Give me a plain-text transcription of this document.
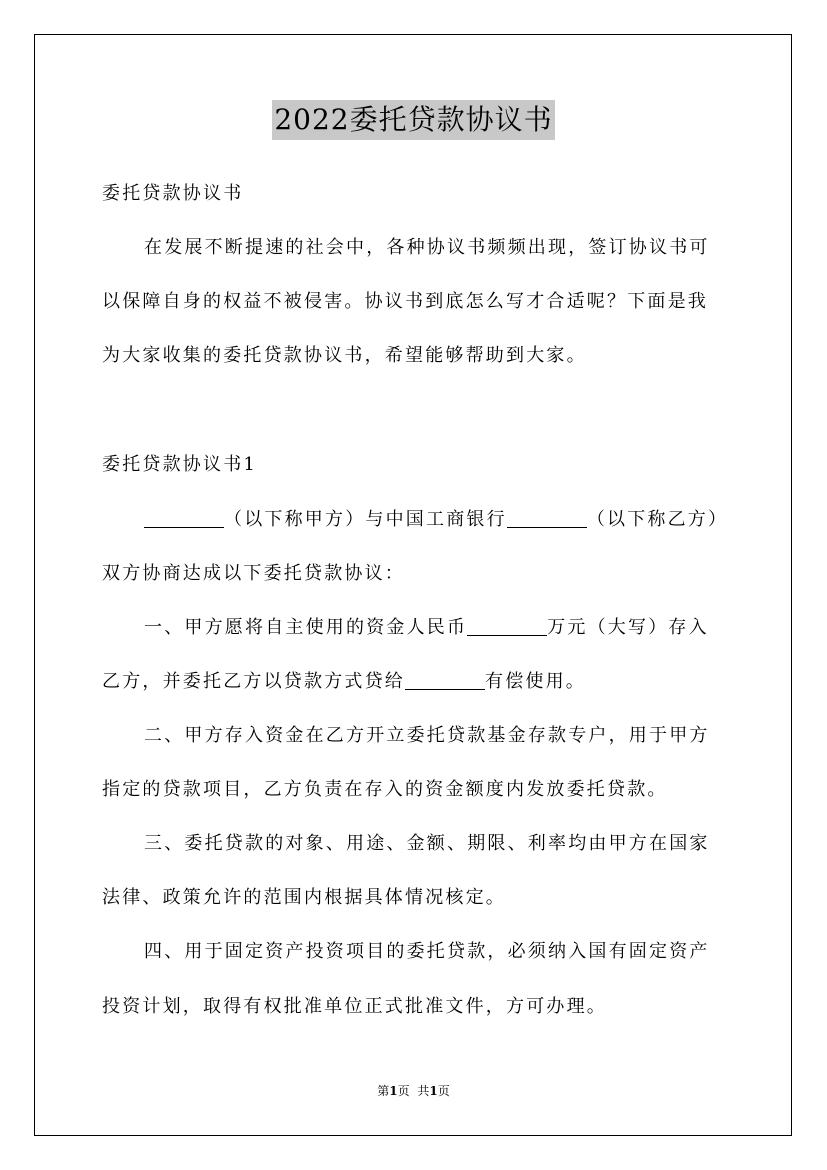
2022委托贷款协议书
委托贷款协议书
在发展不断提速的社会中，各种协议书频频出现，签订协议书可
以保障自身的权益不被侵害。协议书到底怎么写才合适呢？下面是我
为大家收集的委托贷款协议书，希望能够帮助到大家。
委托贷款协议书1
（以下称甲方）与中国工商银行	（以下称乙方）
双方协商达成以下委托贷款协议：
一、甲方愿将自主使用的资金人民币	万元（大写）存入
乙方，并委托乙方以贷款方式贷给	有偿使用。
二、甲方存入资金在乙方开立委托贷款基金存款专户，用于甲方
指定的贷款项目，乙方负责在存入的资金额度内发放委托贷款。
三、委托贷款的对象、用途、金额、期限、利率均由甲方在国家
法律、政策允许的范围内根据具体情况核定。
四、用于固定资产投资项目的委托贷款，必须纳入国有固定资产
投资计划，取得有权批准单位正式批准文件，方可办理。
第1页 共1页
